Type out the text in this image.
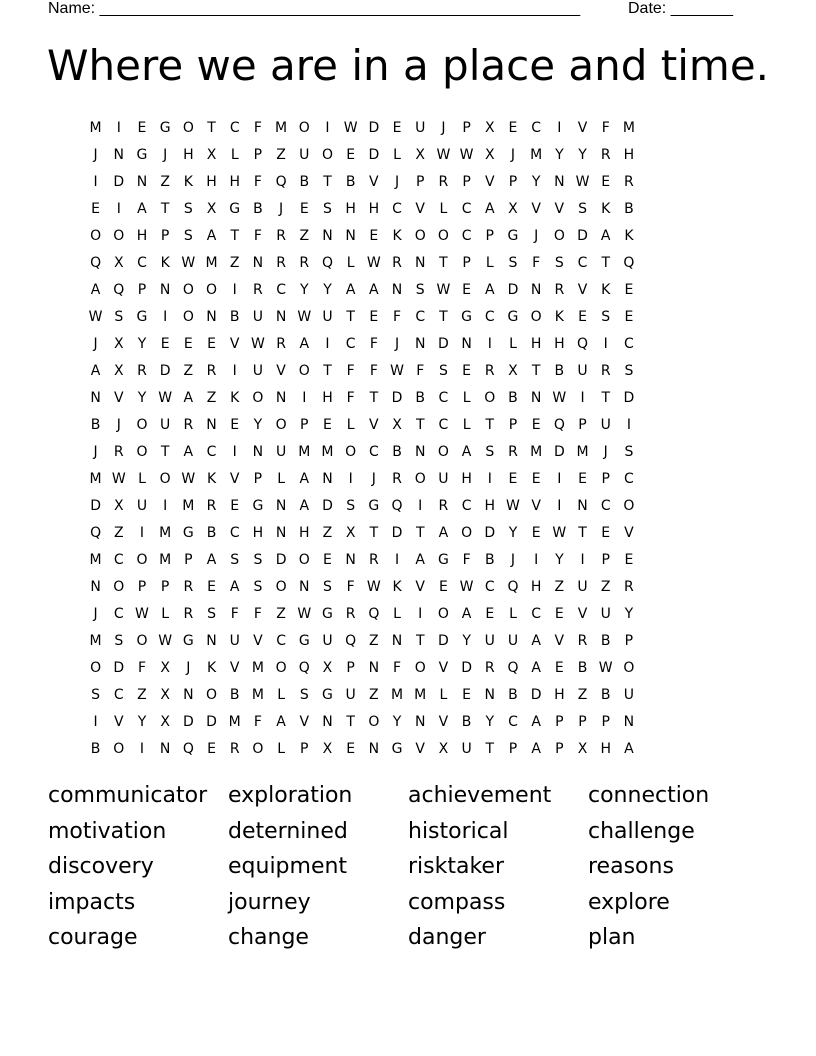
Name: ______________________________________________________

	Date: _______

Where we are in a place and time.
M	I	E G O T	C	F M O	I	W D E U	J	P	X E C	I	V	F M
J	N G	J	H X	L	P	Z U O E D L	X W W X	J	M Y	Y	R H
I	D N Z K H H F Q B	T	B V	J	P	R	P	V	P	Y N W E R
E	I	A	T	S X G B	J	E	S H H C V	L	C A X V V S	K B
O O H P	S A	T	F	R Z N N E	K O O C	P G	J	O D A K
Q X C K W M Z N R R Q L W R N T	P	L	S	F	S C	T Q
A Q P N O O	I	R C	Y	Y	A A N S W E A D N R V K	E
W S G	I	O N B U N W U T	E	F	C	T G C G O K	E	S	E
J	X	Y	E	E	E V W R A	I	C	F	J	N D N	I	L	H H Q	I	C
A X R D Z R	I	U V O T	F	F W F	S	E R X	T	B U R S
N V	Y W A Z K O N	I	H F	T D B C	L O B N W	I	T D
B	J	O U R N E	Y O P	E	L	V X	T	C	L	T	P	E Q P U	I
J	R O T	A C	I	N U M M O C B N O A S R M D M	J	S
M W L O W K V	P	L	A N	I	J	R O U H	I	E	E	I	E	P	C
D X U	I	M R E G N A D S G Q	I	R C H W V	I	N C O
Q Z	I	M G B C H N H Z X	T D T	A O D Y	E W T	E V
M C O M P	A S	S D O E N R	I	A G F	B	J	I	Y	I	P	E
N O P	P	R E A S O N S	F W K V E W C Q H Z U Z R
J	C W L	R S	F	F	Z W G R Q L	I	O A E	L	C E V U Y
M S O W G N U V C G U Q Z N T D Y U U A V R B	P
O D F	X	J	K V M O Q X	P N F O V D R Q A E B W O
S C Z X N O B M L	S G U Z M M L	E N B D H Z B U
I	V	Y	X D D M F	A V N T O Y N V B	Y	C A	P	P	P N
B O	I	N Q E R O L	P	X E N G V X U T	P	A	P	X H A
communicator exploration	achievement	connection
motivation	deternined	historical	challenge
discovery	equipment	risktaker	reasons
impacts	journey	compass	explore
courage	change	danger	plan
